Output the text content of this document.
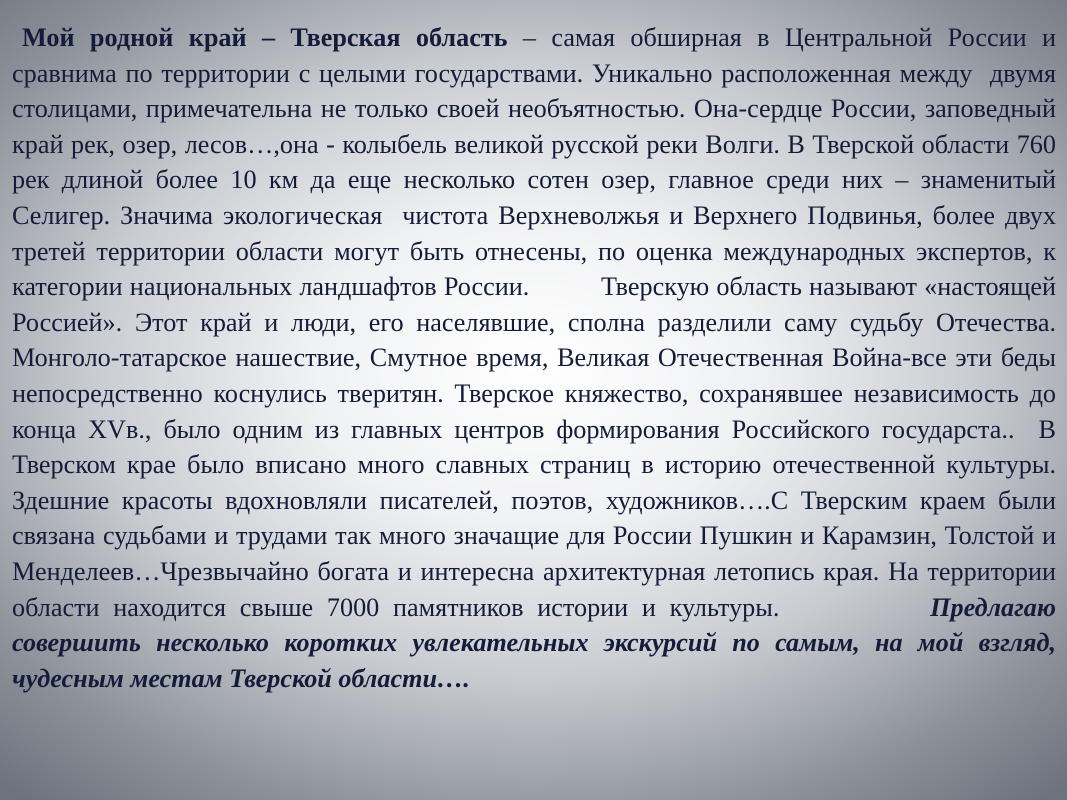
Мой родной край – Тверская область – самая обширная в Центральной России и сравнима по территории с целыми государствами. Уникально расположенная между  двумя столицами, примечательна не только своей необъятностью. Она-сердце России, заповедный край рек, озер, лесов…,она - колыбель великой русской реки Волги. В Тверской области 760 рек длиной более 10 км да еще несколько сотен озер, главное среди них – знаменитый Селигер. Значима экологическая  чистота Верхневолжья и Верхнего Подвинья, более двух третей территории области могут быть отнесены, по оценка международных экспертов, к категории национальных ландшафтов России.          Тверскую область называют «настоящей Россией». Этот край и люди, его населявшие, сполна разделили саму судьбу Отечества. Монголо-татарское нашествие, Смутное время, Великая Отечественная Война-все эти беды непосредственно коснулись тверитян. Тверское княжество, сохранявшее независимость до конца XVв., было одним из главных центров формирования Российского государста..  В Тверском крае было вписано много славных страниц в историю отечественной культуры. Здешние красоты вдохновляли писателей, поэтов, художников….С Тверским краем были связана судьбами и трудами так много значащие для России Пушкин и Карамзин, Толстой и Менделеев…Чрезвычайно богата и интересна архитектурная летопись края. На территории области находится свыше 7000 памятников истории и культуры.           Предлагаю совершить несколько коротких увлекательных экскурсий по самым, на мой взгляд, чудесным местам Тверской области….
